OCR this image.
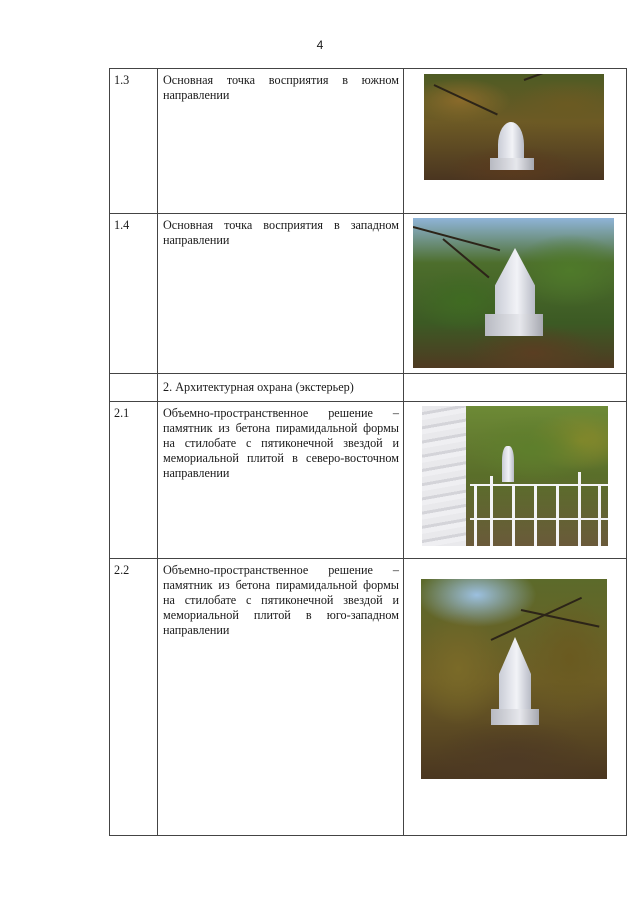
4
1.3	Основная точка восприятия в южном направлении	

1.4	Основная точка восприятия в западном направлении	

	2. Архитектурная охрана (экстерьер)	
2.1	Объемно-пространственное решение – памятник из бетона пирамидальной формы на стилобате с пятиконечной звездой и мемориальной плитой в северо-восточном направлении	

2.2	Объемно-пространственное решение – памятник из бетона пирамидальной формы на стилобате с пятиконечной звездой и мемориальной плитой в юго-западном направлении	
